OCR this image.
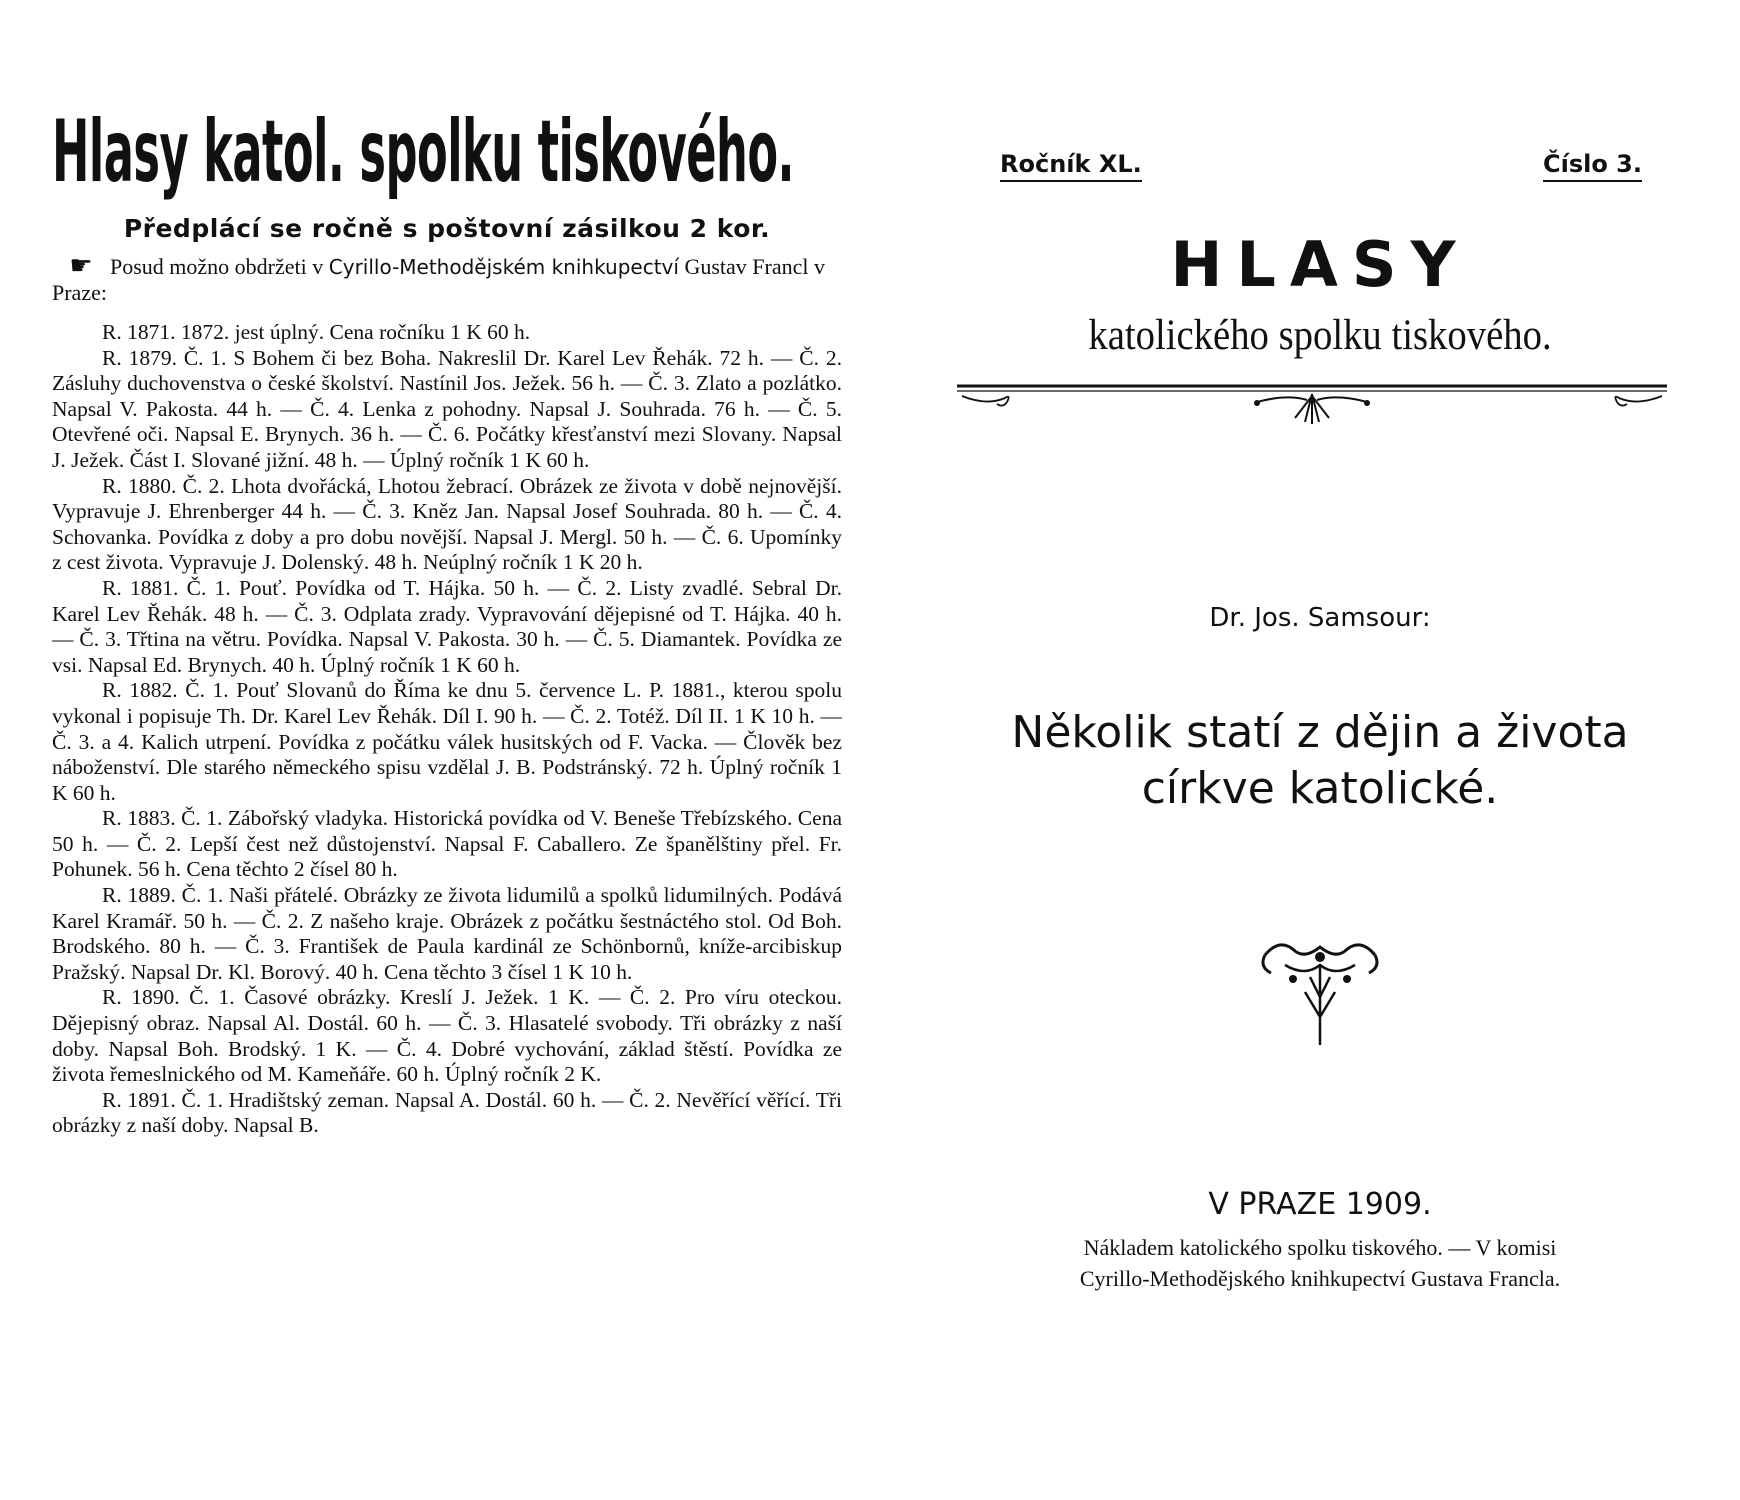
Hlasy katol. spolku tiskového.
Předplácí se ročně s poštovní zásilkou 2 kor.
☛ Posud možno obdržeti v Cyrillo-Methodějském knihkupectví Gustav Francl v Praze:

R. 1871. 1872. jest úplný. Cena ročníku 1 K 60 h.

R. 1879. Č. 1. S Bohem či bez Boha. Nakreslil Dr. Karel Lev Řehák. 72 h. — Č. 2. Zásluhy duchovenstva o české školství. Nastínil Jos. Ježek. 56 h. — Č. 3. Zlato a pozlátko. Napsal V. Pakosta. 44 h. — Č. 4. Lenka z pohodny. Napsal J. Souhrada. 76 h. — Č. 5. Otevřené oči. Napsal E. Brynych. 36 h. — Č. 6. Počátky křesťanství mezi Slovany. Napsal J. Ježek. Část I. Slované jižní. 48 h. — Úplný ročník 1 K 60 h.

R. 1880. Č. 2. Lhota dvořácká, Lhotou žebrací. Obrázek ze života v době nejnovější. Vypravuje J. Ehrenberger 44 h. — Č. 3. Kněz Jan. Napsal Josef Souhrada. 80 h. — Č. 4. Schovanka. Povídka z doby a pro dobu novější. Napsal J. Mergl. 50 h. — Č. 6. Upomínky z cest života. Vypravuje J. Dolenský. 48 h. Neúplný ročník 1 K 20 h.

R. 1881. Č. 1. Pouť. Povídka od T. Hájka. 50 h. — Č. 2. Listy zvadlé. Sebral Dr. Karel Lev Řehák. 48 h. — Č. 3. Odplata zrady. Vypravování dějepisné od T. Hájka. 40 h. — Č. 3. Třtina na větru. Povídka. Napsal V. Pakosta. 30 h. — Č. 5. Diamantek. Povídka ze vsi. Napsal Ed. Brynych. 40 h. Úplný ročník 1 K 60 h.

R. 1882. Č. 1. Pouť Slovanů do Říma ke dnu 5. července L. P. 1881., kterou spolu vykonal i popisuje Th. Dr. Karel Lev Řehák. Díl I. 90 h. — Č. 2. Totéž. Díl II. 1 K 10 h. — Č. 3. a 4. Kalich utrpení. Povídka z počátku válek husitských od F. Vacka. — Člověk bez náboženství. Dle starého německého spisu vzdělal J. B. Podstránský. 72 h. Úplný ročník 1 K 60 h.

R. 1883. Č. 1. Zábořský vladyka. Historická povídka od V. Beneše Třebízského. Cena 50 h. — Č. 2. Lepší čest než důstojenství. Napsal F. Caballero. Ze španělštiny přel. Fr. Pohunek. 56 h. Cena těchto 2 čísel 80 h.

R. 1889. Č. 1. Naši přátelé. Obrázky ze života lidumilů a spolků lidumilných. Podává Karel Kramář. 50 h. — Č. 2. Z našeho kraje. Obrázek z počátku šestnáctého stol. Od Boh. Brodského. 80 h. — Č. 3. František de Paula kardinál ze Schönbornů, kníže-arcibiskup Pražský. Napsal Dr. Kl. Borový. 40 h. Cena těchto 3 čísel 1 K 10 h.

R. 1890. Č. 1. Časové obrázky. Kreslí J. Ježek. 1 K. — Č. 2. Pro víru oteckou. Dějepisný obraz. Napsal Al. Dostál. 60 h. — Č. 3. Hlasatelé svobody. Tři obrázky z naší doby. Napsal Boh. Brodský. 1 K. — Č. 4. Dobré vychování, základ štěstí. Povídka ze života řemeslnického od M. Kameňáře. 60 h. Úplný ročník 2 K.

R. 1891. Č. 1. Hradištský zeman. Napsal A. Dostál. 60 h. — Č. 2. Nevěřící věřící. Tři obrázky z naší doby. Napsal B.

Ročník XL.	Číslo 3.
HLASY
katolického spolku tiskového.
Dr. Jos. Samsour:
Několik statí z dějin a života
církve katolické.
V PRAZE 1909.
Nákladem katolického spolku tiskového. — V komisi
Cyrillo-Methodějského knihkupectví Gustava Francla.
